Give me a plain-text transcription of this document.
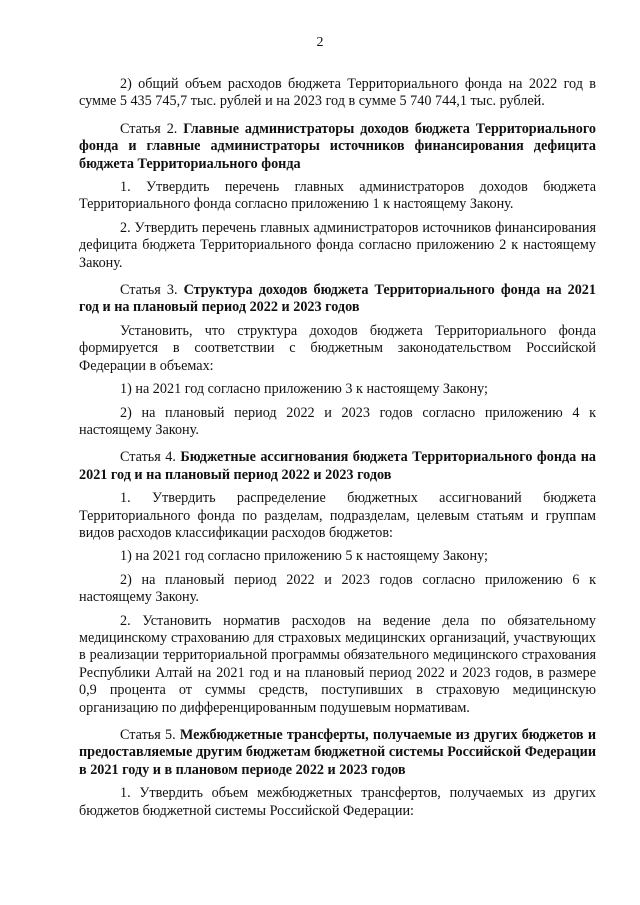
2

2) общий объем расходов бюджета Территориального фонда на 2022 год в сумме 5 435 745,7 тыс. рублей и на 2023 год в сумме 5 740 744,1 тыс. рублей.

Статья 2. Главные администраторы доходов бюджета Территориального фонда и главные администраторы источников финансирования дефицита бюджета Территориального фонда

1. Утвердить перечень главных администраторов доходов бюджета Территориального фонда согласно приложению 1 к настоящему Закону.

2. Утвердить перечень главных администраторов источников финансирования дефицита бюджета Территориального фонда согласно приложению 2 к настоящему Закону.

Статья 3. Структура доходов бюджета Территориального фонда на 2021 год и на плановый период 2022 и 2023 годов

Установить, что структура доходов бюджета Территориального фонда формируется в соответствии с бюджетным законодательством Российской Федерации в объемах:

1) на 2021 год согласно приложению 3 к настоящему Закону;

2) на плановый период 2022 и 2023 годов согласно приложению 4 к настоящему Закону.

Статья 4. Бюджетные ассигнования бюджета Территориального фонда на 2021 год и на плановый период 2022 и 2023 годов

1. Утвердить распределение бюджетных ассигнований бюджета Территориального фонда по разделам, подразделам, целевым статьям и группам видов расходов классификации расходов бюджетов:

1) на 2021 год согласно приложению 5 к настоящему Закону;

2) на плановый период 2022 и 2023 годов согласно приложению 6 к настоящему Закону.

2. Установить норматив расходов на ведение дела по обязательному медицинскому страхованию для страховых медицинских организаций, участвующих в реализации территориальной программы обязательного медицинского страхования Республики Алтай на 2021 год и на плановый период 2022 и 2023 годов, в размере 0,9 процента от суммы средств, поступивших в страховую медицинскую организацию по дифференцированным подушевым нормативам.

Статья 5. Межбюджетные трансферты, получаемые из других бюджетов и предоставляемые другим бюджетам бюджетной системы Российской Федерации в 2021 году и в плановом периоде 2022 и 2023 годов

1. Утвердить объем межбюджетных трансфертов, получаемых из других бюджетов бюджетной системы Российской Федерации:
